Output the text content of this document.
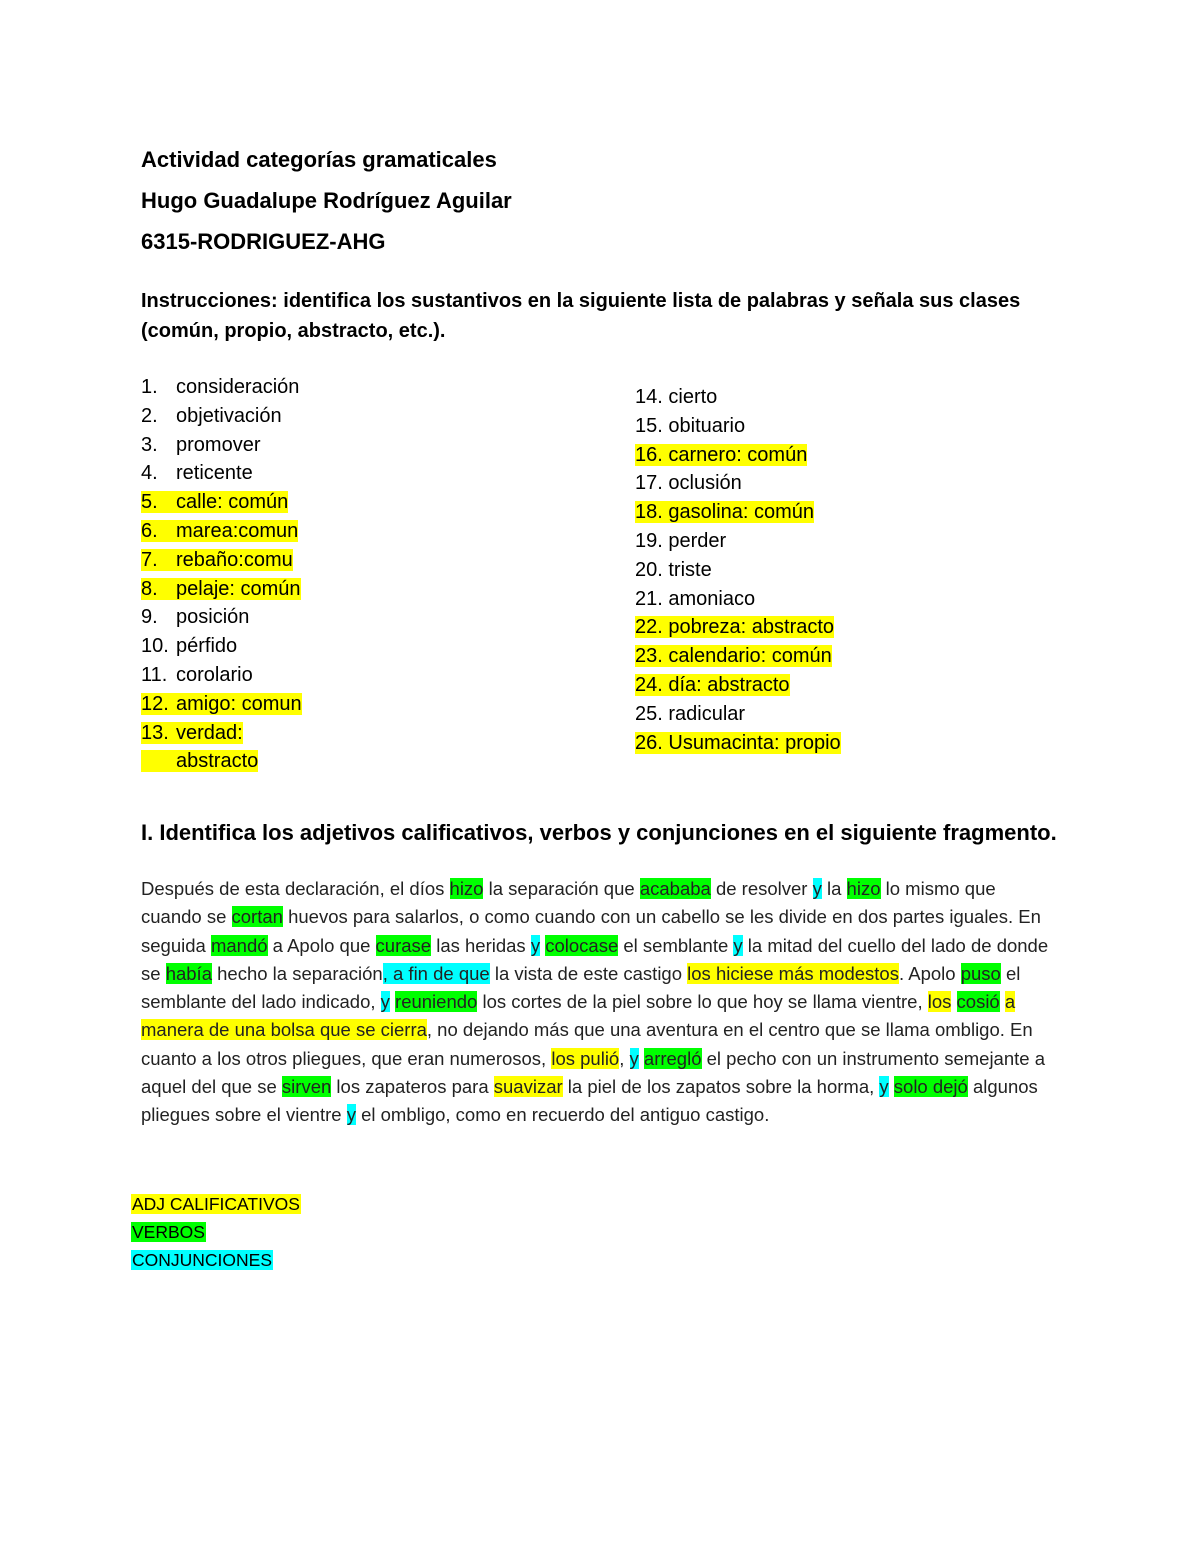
Actividad categorías gramaticales
Hugo Guadalupe Rodríguez Aguilar
6315-RODRIGUEZ-AHG
Instrucciones: identifica los sustantivos en la siguiente lista de palabras y señala sus clases (común, propio, abstracto, etc.).
1. consideración
2. objetivación
3. promover
4. reticente
5. calle: común
6. marea:comun
7. rebaño:comu
8. pelaje: común
9. posición
10. pérfido
11. corolario
12. amigo: comun
13. verdad:
abstracto
14. cierto
15. obituario
16. carnero: común
17. oclusión
18. gasolina: común
19. perder
20. triste
21. amoniaco
22. pobreza: abstracto
23. calendario: común
24. día: abstracto
25. radicular
26. Usumacinta: propio
I. Identifica los adjetivos calificativos, verbos y conjunciones en el siguiente fragmento.
Después de esta declaración, el díos hizo la separación que acababa de resolver y la hizo lo mismo que cuando se cortan huevos para salarlos, o como cuando con un cabello se les divide en dos partes iguales. En seguida mandó a Apolo que curase las heridas y colocase el semblante y la mitad del cuello del lado de donde se había hecho la separación, a fin de que la vista de este castigo los hiciese más modestos. Apolo puso el semblante del lado indicado, y reuniendo los cortes de la piel sobre lo que hoy se llama vientre, los cosió a manera de una bolsa que se cierra, no dejando más que una aventura en el centro que se llama ombligo. En cuanto a los otros pliegues, que eran numerosos, los pulió, y arregló el pecho con un instrumento semejante a aquel del que se sirven los zapateros para suavizar la piel de los zapatos sobre la horma, y solo dejó algunos pliegues sobre el vientre y el ombligo, como en recuerdo del antiguo castigo.
ADJ CALIFICATIVOS
VERBOS
CONJUNCIONES
